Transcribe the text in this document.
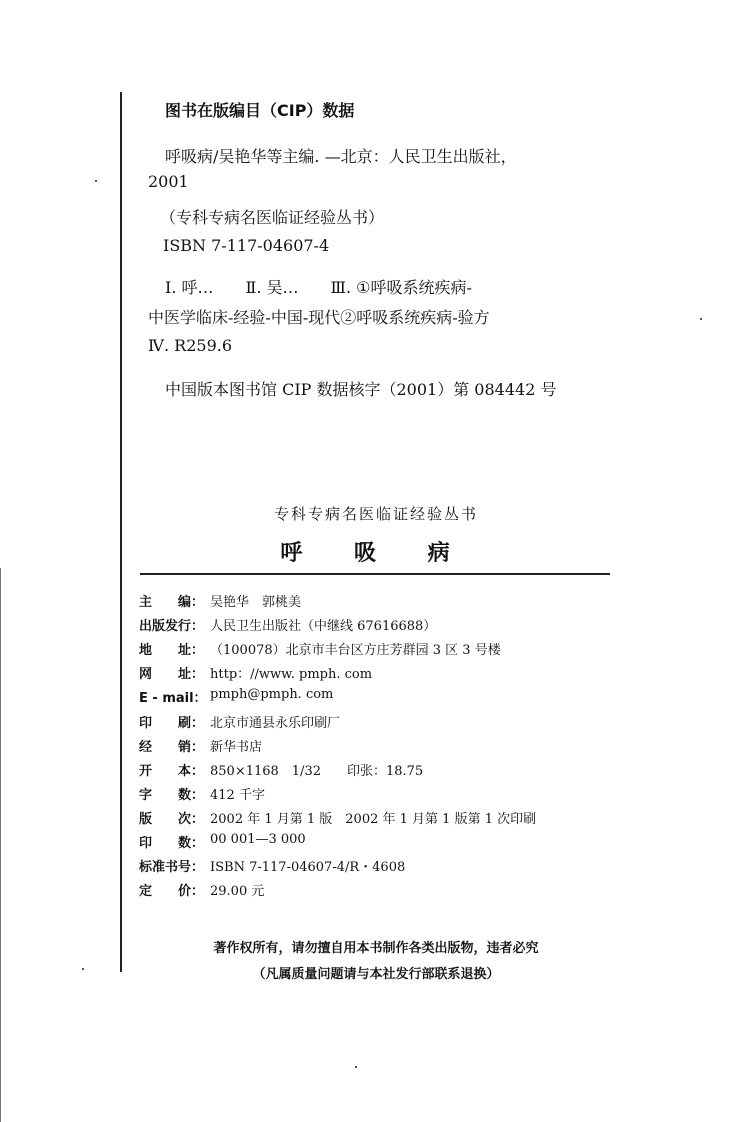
图书在版编目（CIP）数据
呼吸病/吴艳华等主编. —北京：人民卫生出版社，
2001
（专科专病名医临证经验丛书）
ISBN 7-117-04607-4
Ⅰ. 呼…　　Ⅱ. 吴…　　Ⅲ. ①呼吸系统疾病-
中医学临床-经验-中国-现代②呼吸系统疾病-验方
Ⅳ. R259.6
中国版本图书馆 CIP 数据核字（2001）第 084442 号
专科专病名医临证经验丛书
呼 吸 病
主　　编： 吴艳华　郭桃美
出版发行： 人民卫生出版社（中继线 67616688）
地　　址： （100078）北京市丰台区方庄芳群园 3 区 3 号楼
网　　址： http：//www. pmph. com
E - mail： pmph@pmph. com
印　　刷： 北京市通县永乐印刷厂
经　　销： 新华书店
开　　本： 850×1168　1/32　　印张：18.75
字　　数： 412 千字
版　　次： 2002 年 1 月第 1 版　2002 年 1 月第 1 版第 1 次印刷
印　　数： 00 001—3 000
标准书号： ISBN 7-117-04607-4/R・4608
定　　价： 29.00 元
著作权所有，请勿擅自用本书制作各类出版物，违者必究
（凡属质量问题请与本社发行部联系退换）
